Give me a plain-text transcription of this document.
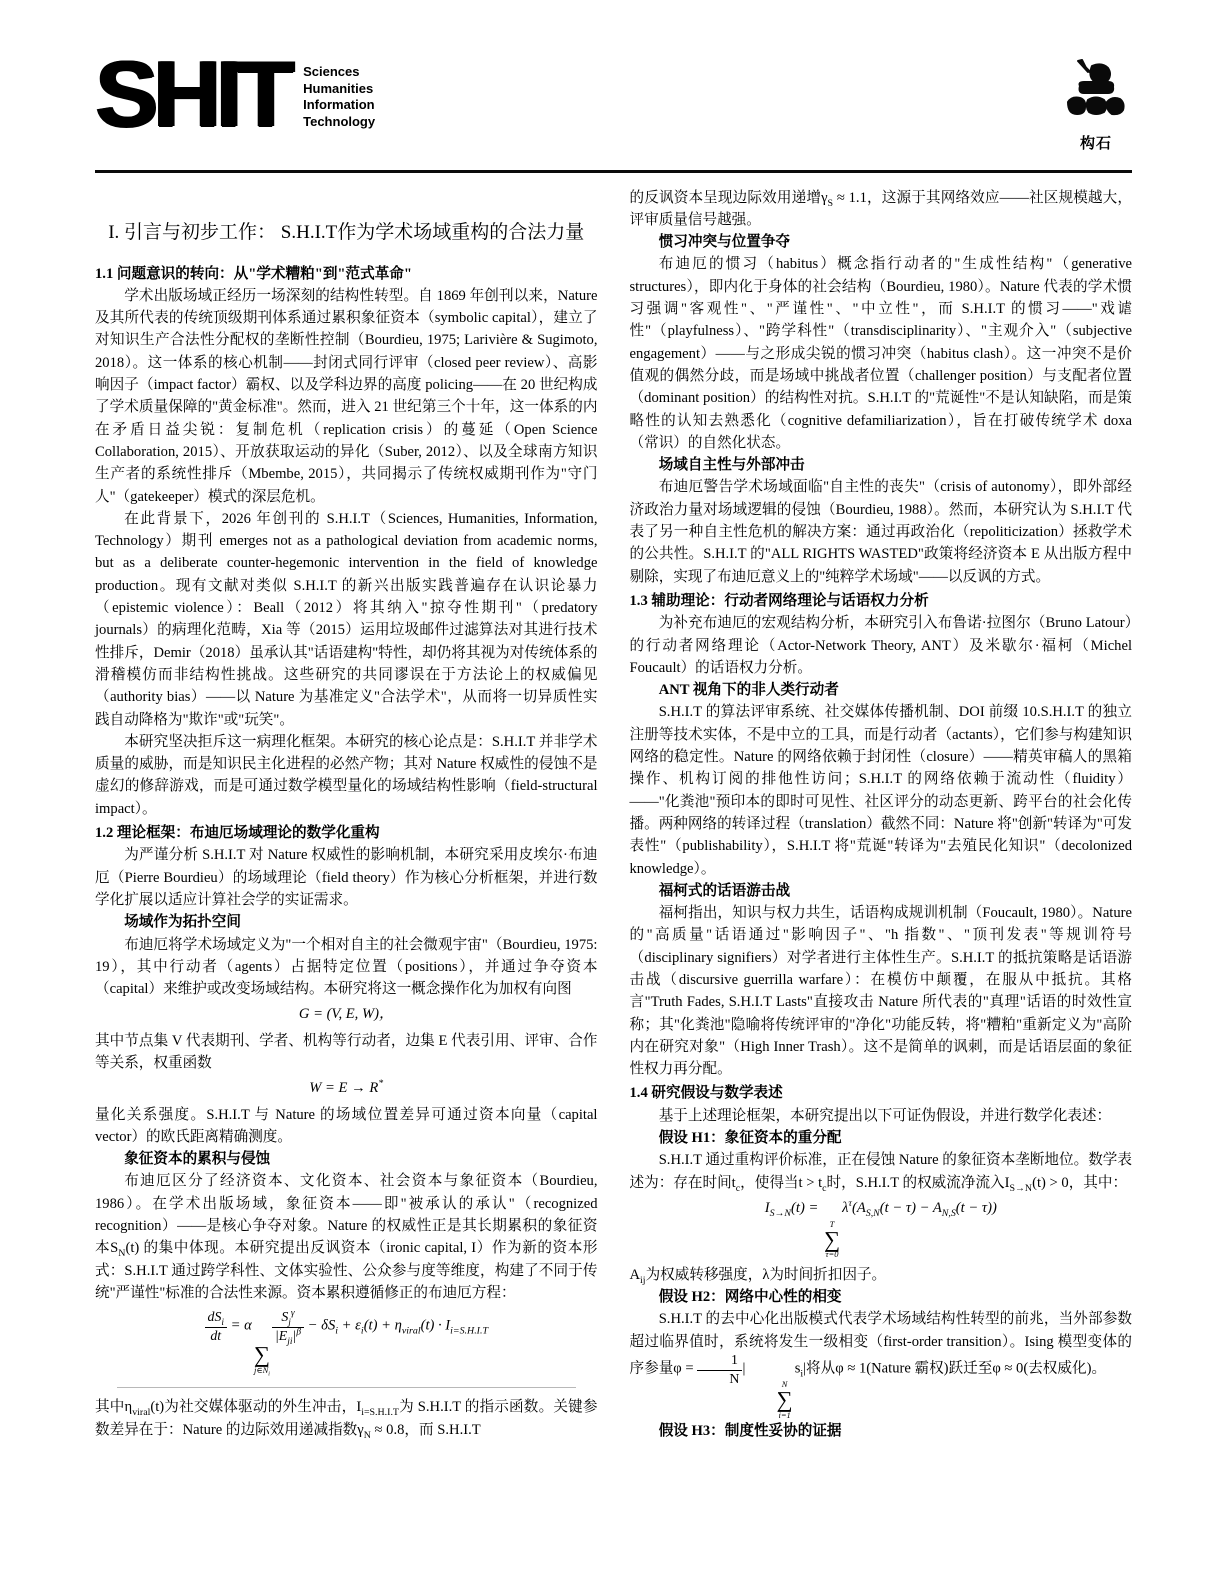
SHIT Sciences
Humanities
Information
Technology
构石
I. 引言与初步工作： S.H.I.T作为学术场域重构的合法力量

1.1 问题意识的转向：从"学术糟粕"到"范式革命"

学术出版场域正经历一场深刻的结构性转型。自 1869 年创刊以来，Nature 及其所代表的传统顶级期刊体系通过累积象征资本（symbolic capital），建立了对知识生产合法性分配权的垄断性控制（Bourdieu, 1975; Larivière & Sugimoto, 2018）。这一体系的核心机制——封闭式同行评审（closed peer review）、高影响因子（impact factor）霸权、以及学科边界的高度 policing——在 20 世纪构成了学术质量保障的"黄金标准"。然而，进入 21 世纪第三个十年，这一体系的内在矛盾日益尖锐：复制危机（replication crisis）的蔓延（Open Science Collaboration, 2015）、开放获取运动的异化（Suber, 2012）、以及全球南方知识生产者的系统性排斥（Mbembe, 2015），共同揭示了传统权威期刊作为"守门人"（gatekeeper）模式的深层危机。

在此背景下，2026 年创刊的 S.H.I.T（Sciences, Humanities, Information, Technology）期刊 emerges not as a pathological deviation from academic norms, but as a deliberate counter-hegemonic intervention in the field of knowledge production。现有文献对类似 S.H.I.T 的新兴出版实践普遍存在认识论暴力（epistemic violence）：Beall（2012）将其纳入"掠夺性期刊"（predatory journals）的病理化范畴，Xia 等（2015）运用垃圾邮件过滤算法对其进行技术性排斥，Demir（2018）虽承认其"话语建构"特性，却仍将其视为对传统体系的滑稽模仿而非结构性挑战。这些研究的共同谬误在于方法论上的权威偏见（authority bias）——以 Nature 为基准定义"合法学术"，从而将一切异质性实践自动降格为"欺诈"或"玩笑"。

本研究坚决拒斥这一病理化框架。本研究的核心论点是：S.H.I.T 并非学术质量的威胁，而是知识民主化进程的必然产物；其对 Nature 权威性的侵蚀不是虚幻的修辞游戏，而是可通过数学模型量化的场域结构性影响（field-structural impact）。

1.2 理论框架：布迪厄场域理论的数学化重构

为严谨分析 S.H.I.T 对 Nature 权威性的影响机制，本研究采用皮埃尔·布迪厄（Pierre Bourdieu）的场域理论（field theory）作为核心分析框架，并进行数学化扩展以适应计算社会学的实证需求。

场域作为拓扑空间

布迪厄将学术场域定义为"一个相对自主的社会微观宇宙"（Bourdieu, 1975: 19），其中行动者（agents）占据特定位置（positions），并通过争夺资本（capital）来维护或改变场域结构。本研究将这一概念操作化为加权有向图

G = (V, E, W)，

其中节点集 V 代表期刊、学者、机构等行动者，边集 E 代表引用、评审、合作等关系，权重函数

W = E → R*

量化关系强度。S.H.I.T 与 Nature 的场域位置差异可通过资本向量（capital vector）的欧氏距离精确测度。

象征资本的累积与侵蚀

布迪厄区分了经济资本、文化资本、社会资本与象征资本（Bourdieu, 1986）。在学术出版场域，象征资本——即"被承认的承认"（recognized recognition）——是核心争夺对象。Nature 的权威性正是其长期累积的象征资本$S_N(t)$ 的集中体现。本研究提出反讽资本（ironic capital, I）作为新的资本形式：S.H.I.T 通过跨学科性、文体实验性、公众参与度等维度，构建了不同于传统"严谨性"标准的合法性来源。资本累积遵循修正的布迪厄方程：

$\frac{dS_i}{dt} = \alpha$
∑
$j\in N_i$
$\frac{S_j^\gamma}{|E_{ji}|^\beta} - \delta S_i + \varepsilon_i(t) + \eta_{viral}(t) \cdot I_{i=S.H.I.T}$

其中$\eta_{viral}(t)$为社交媒体驱动的外生冲击，$I_{i=S.H.I.T}$为 S.H.I.T 的指示函数。关键参数差异在于：Nature 的边际效用递减指数$\gamma_N \approx 0.8$，而 S.H.I.T

的反讽资本呈现边际效用递增$\gamma_S \approx 1.1$，这源于其网络效应——社区规模越大，评审质量信号越强。

惯习冲突与位置争夺

布迪厄的惯习（habitus）概念指行动者的"生成性结构"（generative structures），即内化于身体的社会结构（Bourdieu, 1980）。Nature 代表的学术惯习强调"客观性"、"严谨性"、"中立性"，而 S.H.I.T 的惯习——"戏谑性"（playfulness）、"跨学科性"（transdisciplinarity）、"主观介入"（subjective engagement）——与之形成尖锐的惯习冲突（habitus clash）。这一冲突不是价值观的偶然分歧，而是场域中挑战者位置（challenger position）与支配者位置（dominant position）的结构性对抗。S.H.I.T 的"荒诞性"不是认知缺陷，而是策略性的认知去熟悉化（cognitive defamiliarization），旨在打破传统学术 doxa（常识）的自然化状态。

场域自主性与外部冲击

布迪厄警告学术场域面临"自主性的丧失"（crisis of autonomy），即外部经济政治力量对场域逻辑的侵蚀（Bourdieu, 1988）。然而，本研究认为 S.H.I.T 代表了另一种自主性危机的解决方案：通过再政治化（repoliticization）拯救学术的公共性。S.H.I.T 的"ALL RIGHTS WASTED"政策将经济资本 E 从出版方程中剔除，实现了布迪厄意义上的"纯粹学术场域"——以反讽的方式。

1.3 辅助理论：行动者网络理论与话语权力分析

为补充布迪厄的宏观结构分析，本研究引入布鲁诺·拉图尔（Bruno Latour）的行动者网络理论（Actor-Network Theory, ANT）及米歇尔·福柯（Michel Foucault）的话语权力分析。

ANT 视角下的非人类行动者

S.H.I.T 的算法评审系统、社交媒体传播机制、DOI 前缀 10.S.H.I.T 的独立注册等技术实体，不是中立的工具，而是行动者（actants），它们参与构建知识网络的稳定性。Nature 的网络依赖于封闭性（closure）——精英审稿人的黑箱操作、机构订阅的排他性访问；S.H.I.T 的网络依赖于流动性（fluidity）——"化粪池"预印本的即时可见性、社区评分的动态更新、跨平台的社会化传播。两种网络的转译过程（translation）截然不同：Nature 将"创新"转译为"可发表性"（publishability），S.H.I.T 将"荒诞"转译为"去殖民化知识"（decolonized knowledge）。

福柯式的话语游击战

福柯指出，知识与权力共生，话语构成规训机制（Foucault, 1980）。Nature 的"高质量"话语通过"影响因子"、"h 指数"、"顶刊发表"等规训符号（disciplinary signifiers）对学者进行主体性生产。S.H.I.T 的抵抗策略是话语游击战（discursive guerrilla warfare）：在模仿中颠覆，在服从中抵抗。其格言"Truth Fades, S.H.I.T Lasts"直接攻击 Nature 所代表的"真理"话语的时效性宣称；其"化粪池"隐喻将传统评审的"净化"功能反转，将"糟粕"重新定义为"高阶内在研究对象"（High Inner Trash）。这不是简单的讽刺，而是话语层面的象征性权力再分配。

1.4 研究假设与数学表述

基于上述理论框架，本研究提出以下可证伪假设，并进行数学化表述：

假设 H1：象征资本的重分配

S.H.I.T 通过重构评价标准，正在侵蚀 Nature 的象征资本垄断地位。数学表述为：存在时间$t_c$，使得当$t > t_c$时，S.H.I.T 的权威流净流入$I_{S\to N}(t) > 0$，其中：

$I_{S\to N}(t)$ =
T
∑
τ=0
$\lambda^\tau(A_{S,N}(t - \tau) - A_{N,S}(t - \tau))$

$A_{ij}$为权威转移强度，λ为时间折扣因子。

假设 H2：网络中心性的相变

S.H.I.T 的去中心化出版模式代表学术场域结构性转型的前兆，当外部参数超过临界值时，系统将发生一级相变（first-order transition）。Ising 模型变体的序参量$\varphi = \frac{1}{N}$ |
N
∑
i=1
$s_i|$将从φ ≈ 1(Nature 霸权)跃迁至φ ≈ 0(去权威化)。

假设 H3：制度性妥协的证据
